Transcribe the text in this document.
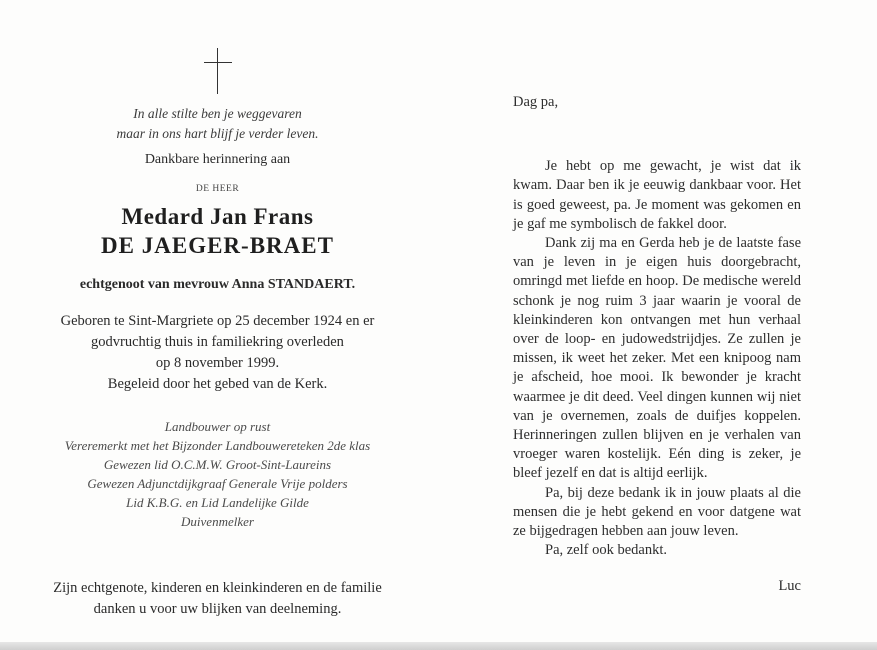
In alle stilte ben je weggevaren
maar in ons hart blijf je verder leven.
Dankbare herinnering aan
DE HEER
Medard Jan Frans
DE JAEGER-BRAET
echtgenoot van mevrouw Anna STANDAERT.
Geboren te Sint-Margriete op 25 december 1924 en er
godvruchtig thuis in familiekring overleden
op 8 november 1999.
Begeleid door het gebed van de Kerk.
Landbouwer op rust
Vereremerkt met het Bijzonder Landbouwereteken 2de klas
Gewezen lid O.C.M.W. Groot-Sint-Laureins
Gewezen Adjunctdijkgraaf Generale Vrije polders
Lid K.B.G. en Lid Landelijke Gilde
Duivenmelker
Zijn echtgenote, kinderen en kleinkinderen en de familie
danken u voor uw blijken van deelneming.
Dag pa,

Je hebt op me gewacht, je wist dat ik kwam. Daar ben ik je eeuwig dankbaar voor. Het is goed geweest, pa. Je moment was gekomen en je gaf me symbolisch de fakkel door.

Dank zij ma en Gerda heb je de laatste fase van je leven in je eigen huis doorgebracht, omringd met liefde en hoop. De medische wereld schonk je nog ruim 3 jaar waarin je vooral de kleinkinderen kon ontvangen met hun verhaal over de loop- en judowedstrijdjes. Ze zullen je missen, ik weet het zeker. Met een knipoog nam je afscheid, hoe mooi. Ik bewonder je kracht waarmee je dit deed. Veel dingen kunnen wij niet van je overnemen, zoals de duifjes koppelen. Herinneringen zullen blijven en je verhalen van vroeger waren kostelijk. Eén ding is zeker, je bleef jezelf en dat is altijd eerlijk.

Pa, bij deze bedank ik in jouw plaats al die mensen die je hebt gekend en voor datgene wat ze bijgedragen hebben aan jouw leven.

Pa, zelf ook bedankt.

Luc
